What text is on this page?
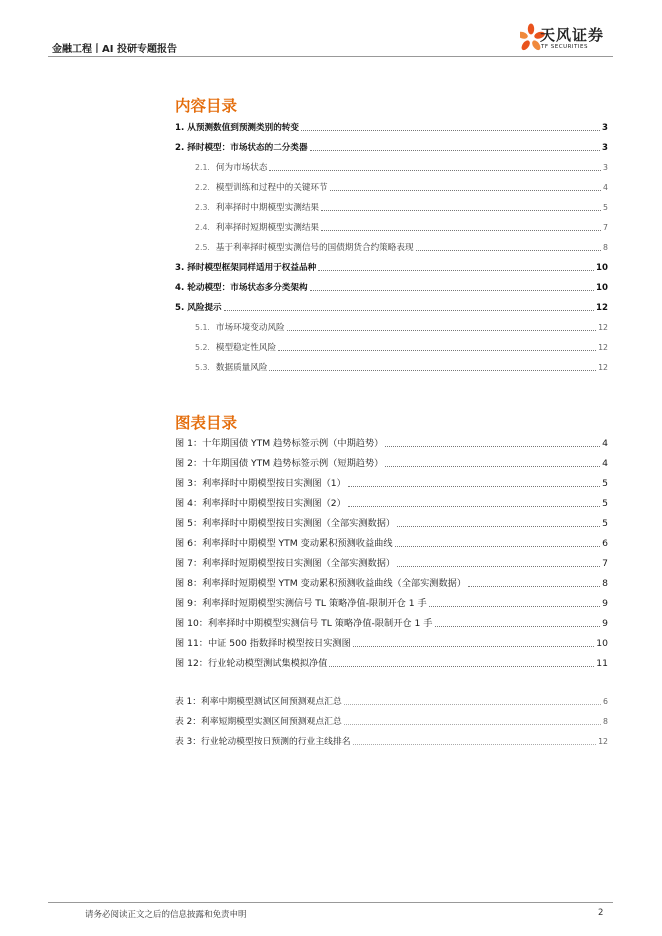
金融工程丨AI 投研专题报告
天风证券
TF SECURITIES
内容目录
1. 从预测数值到预测类别的转变	3
2. 择时模型：市场状态的二分类器	3
2.1. 何为市场状态	3
2.2. 模型训练和过程中的关键环节	4
2.3. 利率择时中期模型实测结果	5
2.4. 利率择时短期模型实测结果	7
2.5. 基于利率择时模型实测信号的国债期货合约策略表现	8
3. 择时模型框架同样适用于权益品种	10
4. 轮动模型：市场状态多分类架构	10
5. 风险提示	12
5.1. 市场环境变动风险	12
5.2. 模型稳定性风险	12
5.3. 数据质量风险	12
图表目录
图 1：十年期国债 YTM 趋势标签示例（中期趋势）	4
图 2：十年期国债 YTM 趋势标签示例（短期趋势）	4
图 3：利率择时中期模型按日实测图（1）	5
图 4：利率择时中期模型按日实测图（2）	5
图 5：利率择时中期模型按日实测图（全部实测数据）	5
图 6：利率择时中期模型 YTM 变动累积预测收益曲线	6
图 7：利率择时短期模型按日实测图（全部实测数据）	7
图 8：利率择时短期模型 YTM 变动累积预测收益曲线（全部实测数据）	8
图 9：利率择时短期模型实测信号 TL 策略净值-限制开仓 1 手	9
图 10：利率择时中期模型实测信号 TL 策略净值-限制开仓 1 手	9
图 11：中证 500 指数择时模型按日实测图	10
图 12：行业轮动模型测试集模拟净值	11
表 1：利率中期模型测试区间预测观点汇总	6
表 2：利率短期模型实测区间预测观点汇总	8
表 3：行业轮动模型按日预测的行业主线排名	12
请务必阅读正文之后的信息披露和免责申明	2
